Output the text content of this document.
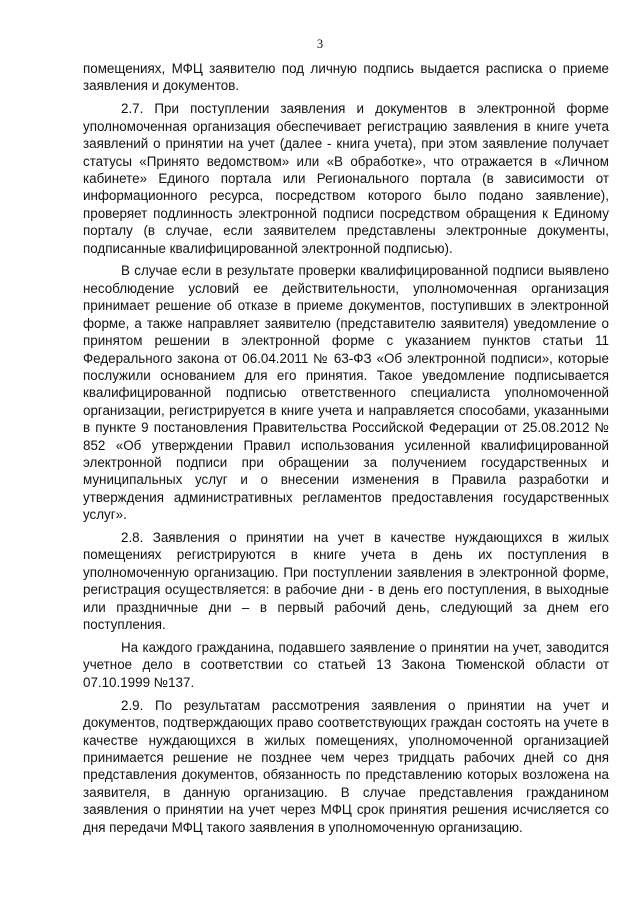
3

помещениях, МФЦ заявителю под личную подпись выдается расписка о приеме заявления и документов.

2.7. При поступлении заявления и документов в электронной форме уполномоченная организация обеспечивает регистрацию заявления в книге учета заявлений о принятии на учет (далее - книга учета), при этом заявление получает статусы «Принято ведомством» или «В обработке», что отражается в «Личном кабинете» Единого портала или Регионального портала (в зависимости от информационного ресурса, посредством которого было подано заявление), проверяет подлинность электронной подписи посредством обращения к Единому порталу (в случае, если заявителем представлены электронные документы, подписанные квалифицированной электронной подписью).

В случае если в результате проверки квалифицированной подписи выявлено несоблюдение условий ее действительности, уполномоченная организация принимает решение об отказе в приеме документов, поступивших в электронной форме, а также направляет заявителю (представителю заявителя) уведомление о принятом решении в электронной форме с указанием пунктов статьи 11 Федерального закона от 06.04.2011 № 63-ФЗ «Об электронной подписи», которые послужили основанием для его принятия. Такое уведомление подписывается квалифицированной подписью ответственного специалиста уполномоченной организации, регистрируется в книге учета и направляется способами, указанными в пункте 9 постановления Правительства Российской Федерации от 25.08.2012 № 852 «Об утверждении Правил использования усиленной квалифицированной электронной подписи при обращении за получением государственных и муниципальных услуг и о внесении изменения в Правила разработки и утверждения административных регламентов предоставления государственных услуг».

2.8. Заявления о принятии на учет в качестве нуждающихся в жилых помещениях регистрируются в книге учета в день их поступления в уполномоченную организацию. При поступлении заявления в электронной форме, регистрация осуществляется: в рабочие дни - в день его поступления, в выходные или праздничные дни – в первый рабочий день, следующий за днем его поступления.

На каждого гражданина, подавшего заявление о принятии на учет, заводится учетное дело в соответствии со статьей 13 Закона Тюменской области от 07.10.1999 №137.

2.9. По результатам рассмотрения заявления о принятии на учет и документов, подтверждающих право соответствующих граждан состоять на учете в качестве нуждающихся в жилых помещениях, уполномоченной организацией принимается решение не позднее чем через тридцать рабочих дней со дня представления документов, обязанность по представлению которых возложена на заявителя, в данную организацию. В случае представления гражданином заявления о принятии на учет через МФЦ срок принятия решения исчисляется со дня передачи МФЦ такого заявления в уполномоченную организацию.
